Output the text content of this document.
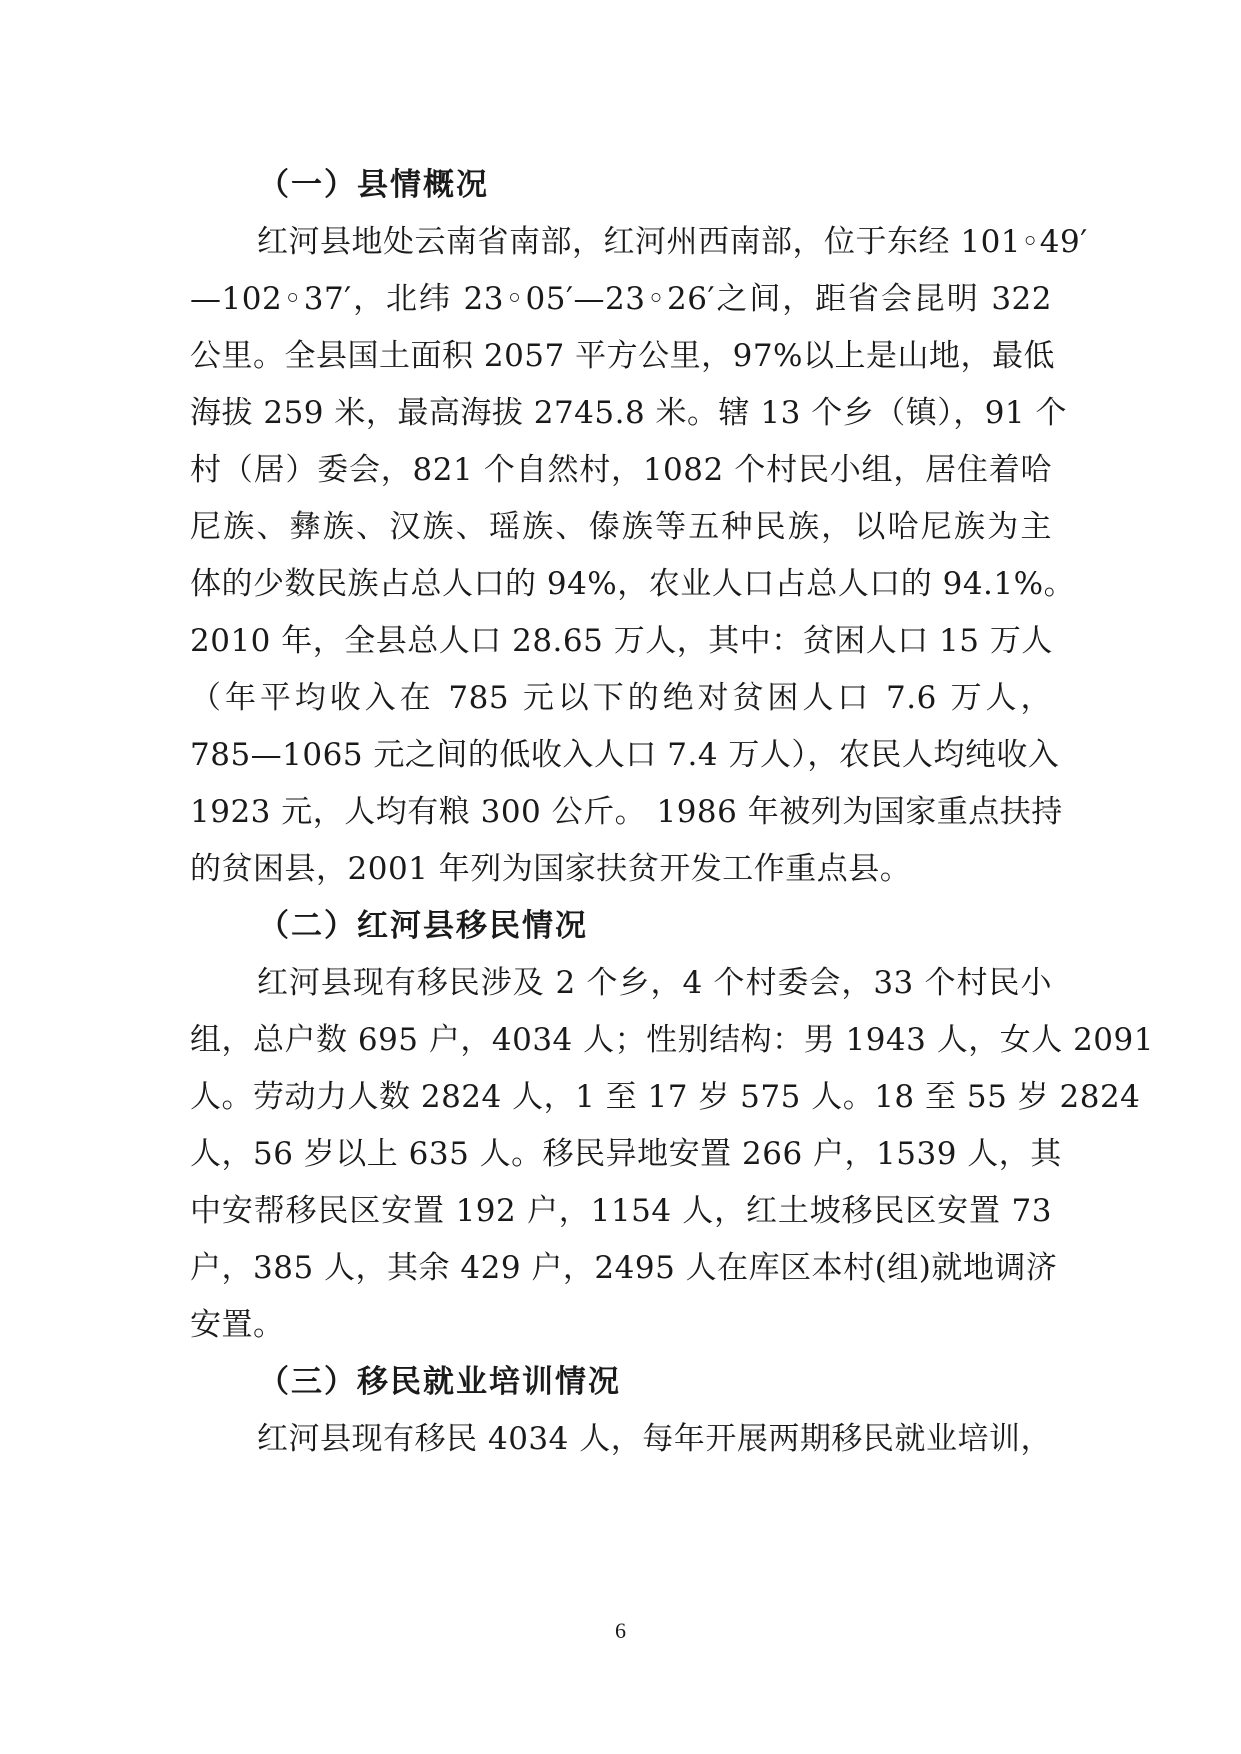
（一）县情概况
红河县地处云南省南部，红河州西南部，位于东经 101◦49′
—102◦37′，北纬 23◦05′—23◦26′之间，距省会昆明 322
公里。全县国土面积 2057 平方公里，97%以上是山地，最低
海拔 259 米，最高海拔 2745.8 米。辖 13 个乡（镇），91 个
村（居）委会，821 个自然村，1082 个村民小组，居住着哈
尼族、彝族、汉族、瑶族、傣族等五种民族，以哈尼族为主
体的少数民族占总人口的 94%，农业人口占总人口的 94.1%。
2010 年，全县总人口 28.65 万人，其中：贫困人口 15 万人
（年平均收入在 785 元以下的绝对贫困人口 7.6 万人，
785—1065 元之间的低收入人口 7.4 万人），农民人均纯收入
1923 元，人均有粮 300 公斤。 1986 年被列为国家重点扶持
的贫困县，2001 年列为国家扶贫开发工作重点县。
（二）红河县移民情况
红河县现有移民涉及 2 个乡，4 个村委会，33 个村民小
组，总户数 695 户，4034 人；性别结构：男 1943 人，女人 2091
人。劳动力人数 2824 人，1 至 17 岁 575 人。18 至 55 岁 2824
人，56 岁以上 635 人。移民异地安置 266 户，1539 人，其
中安帮移民区安置 192 户，1154 人，红土坡移民区安置 73
户，385 人，其余 429 户，2495 人在库区本村(组)就地调济
安置。
（三）移民就业培训情况
红河县现有移民 4034 人，每年开展两期移民就业培训，
6
